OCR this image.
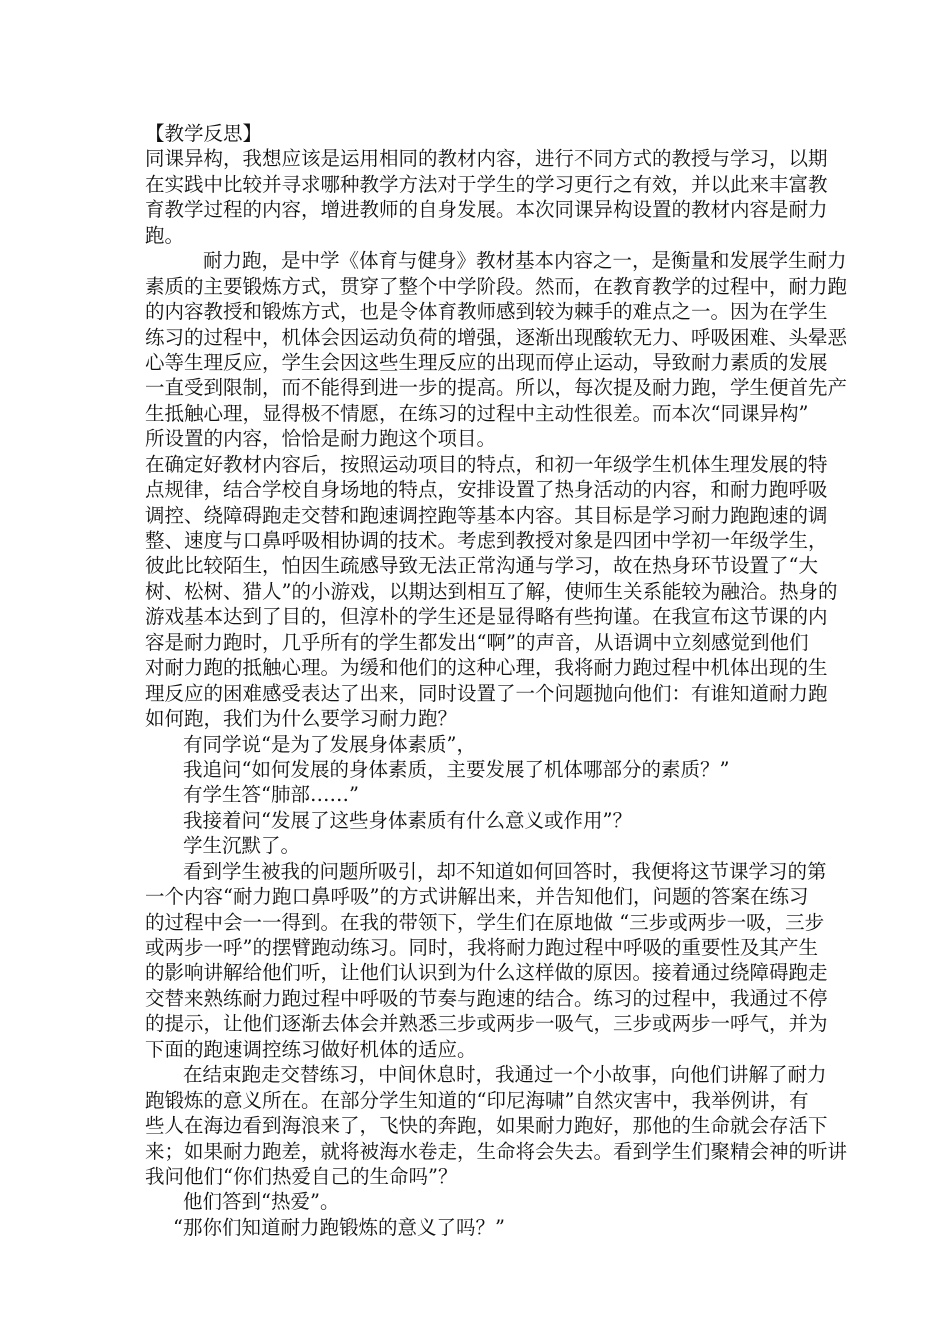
【教学反思】
同课异构，我想应该是运用相同的教材内容，进行不同方式的教授与学习，以期
在实践中比较并寻求哪种教学方法对于学生的学习更行之有效，并以此来丰富教
育教学过程的内容，增进教师的自身发展。本次同课异构设置的教材内容是耐力
跑。
耐力跑，是中学《体育与健身》教材基本内容之一，是衡量和发展学生耐力
素质的主要锻炼方式，贯穿了整个中学阶段。然而，在教育教学的过程中，耐力跑
的内容教授和锻炼方式，也是令体育教师感到较为棘手的难点之一。因为在学生
练习的过程中，机体会因运动负荷的增强，逐渐出现酸软无力、呼吸困难、头晕恶
心等生理反应，学生会因这些生理反应的出现而停止运动，导致耐力素质的发展
一直受到限制，而不能得到进一步的提高。所以，每次提及耐力跑，学生便首先产
生抵触心理，显得极不情愿，在练习的过程中主动性很差。而本次“同课异构”
所设置的内容，恰恰是耐力跑这个项目。
在确定好教材内容后，按照运动项目的特点，和初一年级学生机体生理发展的特
点规律，结合学校自身场地的特点，安排设置了热身活动的内容，和耐力跑呼吸
调控、绕障碍跑走交替和跑速调控跑等基本内容。其目标是学习耐力跑跑速的调
整、速度与口鼻呼吸相协调的技术。考虑到教授对象是四团中学初一年级学生，
彼此比较陌生，怕因生疏感导致无法正常沟通与学习，故在热身环节设置了“大
树、松树、猎人”的小游戏，以期达到相互了解，使师生关系能较为融洽。热身的
游戏基本达到了目的，但淳朴的学生还是显得略有些拘谨。在我宣布这节课的内
容是耐力跑时，几乎所有的学生都发出“啊”的声音，从语调中立刻感觉到他们
对耐力跑的抵触心理。为缓和他们的这种心理，我将耐力跑过程中机体出现的生
理反应的困难感受表达了出来，同时设置了一个问题抛向他们：有谁知道耐力跑
如何跑，我们为什么要学习耐力跑？
有同学说“是为了发展身体素质”，
我追问“如何发展的身体素质，主要发展了机体哪部分的素质？”
有学生答“肺部……”
我接着问“发展了这些身体素质有什么意义或作用”？
学生沉默了。
看到学生被我的问题所吸引，却不知道如何回答时，我便将这节课学习的第
一个内容“耐力跑口鼻呼吸”的方式讲解出来，并告知他们，问题的答案在练习
的过程中会一一得到。在我的带领下，学生们在原地做 “三步或两步一吸，三步
或两步一呼”的摆臂跑动练习。同时，我将耐力跑过程中呼吸的重要性及其产生
的影响讲解给他们听，让他们认识到为什么这样做的原因。接着通过绕障碍跑走
交替来熟练耐力跑过程中呼吸的节奏与跑速的结合。练习的过程中，我通过不停
的提示，让他们逐渐去体会并熟悉三步或两步一吸气，三步或两步一呼气，并为
下面的跑速调控练习做好机体的适应。
在结束跑走交替练习，中间休息时，我通过一个小故事，向他们讲解了耐力
跑锻炼的意义所在。在部分学生知道的“印尼海啸”自然灾害中，我举例讲，有
些人在海边看到海浪来了，飞快的奔跑，如果耐力跑好，那他的生命就会存活下
来；如果耐力跑差，就将被海水卷走，生命将会失去。看到学生们聚精会神的听讲
我问他们“你们热爱自己的生命吗”？
他们答到“热爱”。
“那你们知道耐力跑锻炼的意义了吗？”
